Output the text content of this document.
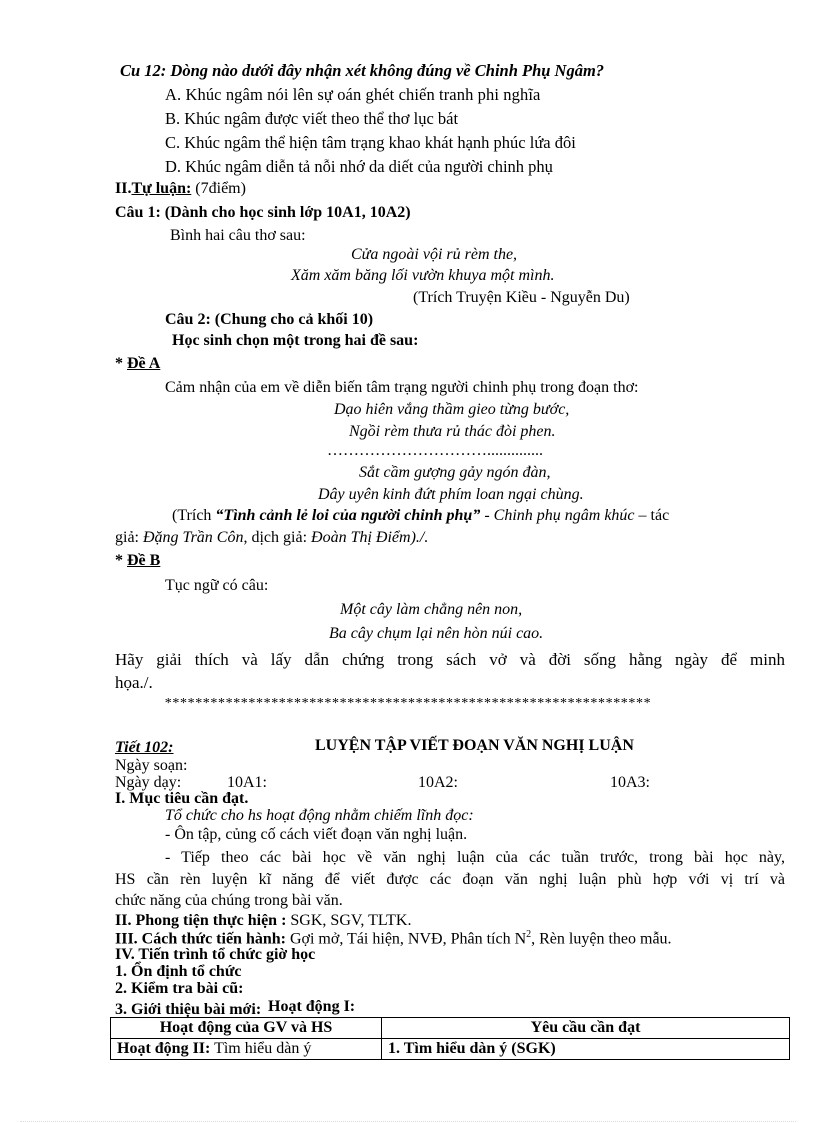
Cu 12: Dòng nào dưới đây nhận xét không đúng về Chinh Phụ Ngâm?
A. Khúc ngâm nói lên sự oán ghét chiến tranh phi nghĩa
B. Khúc ngâm được viết theo thể thơ lục bát
C. Khúc ngâm thể hiện tâm trạng khao khát hạnh phúc lứa đôi
D. Khúc ngâm diễn tả nỗi nhớ da diết của người chinh phụ
II.Tự luận: (7điểm)
Câu 1: (Dành cho học sinh lớp 10A1, 10A2)
Bình hai câu thơ sau:
Cửa ngoài vội rủ rèm the,
Xăm xăm băng lối vườn khuya một mình.
(Trích Truyện Kiều - Nguyễn Du)
Câu 2: (Chung cho cả khối 10)
Học sinh chọn một trong hai đề sau:
* Đề A
Cảm nhận của em về diễn biến tâm trạng người chinh phụ trong đoạn thơ:
Dạo hiên vắng thầm gieo từng bước,
Ngồi rèm thưa rủ thác đòi phen.
…………………………..............
Sắt cầm gượng gảy ngón đàn,
Dây uyên kinh đứt phím loan ngại chùng.
(Trích “Tình cảnh lẻ loi của người chinh phụ” - Chinh phụ ngâm khúc – tác
giả: Đặng Trần Côn, dịch giả: Đoàn Thị Điểm)./.
* Đề B
Tục ngữ có câu:
Một cây làm chẳng nên non,
Ba cây chụm lại nên hòn núi cao.
Hãy giải thích và lấy dẫn chứng trong sách vở và đời sống hằng ngày để minh
họa./.
****************************************************************
Tiết 102:	LUYỆN TẬP VIẾT ĐOẠN VĂN NGHỊ LUẬN
Ngày soạn:
Ngày dạy:	10A1:	10A2:	10A3:
I. Mục tiêu cần đạt.
Tổ chức cho hs hoạt động nhằm chiếm lĩnh đọc:
- Ôn tập, củng cố cách viết đoạn văn nghị luận.
- Tiếp theo các bài học về văn nghị luận của các tuần trước, trong bài học này,
HS cần rèn luyện kĩ năng để viết được các đoạn văn nghị luận phù hợp với vị trí và
chức năng của chúng trong bài văn.
II. Phong tiện thực hiện : SGK, SGV, TLTK.
III. Cách thức tiến hành: Gợi mở, Tái hiện, NVĐ, Phân tích $N^2$, Rèn luyện theo mẫu.
IV. Tiến trình tổ chức giờ học
1. Ổn định tổ chức
2. Kiểm tra bài cũ:
3. Giới thiệu bài mới: Hoạt động I:
Hoạt động của GV và HS	Yêu cầu cần đạt
Hoạt động II: Tìm hiểu dàn ý	1. Tìm hiểu dàn ý (SGK)
